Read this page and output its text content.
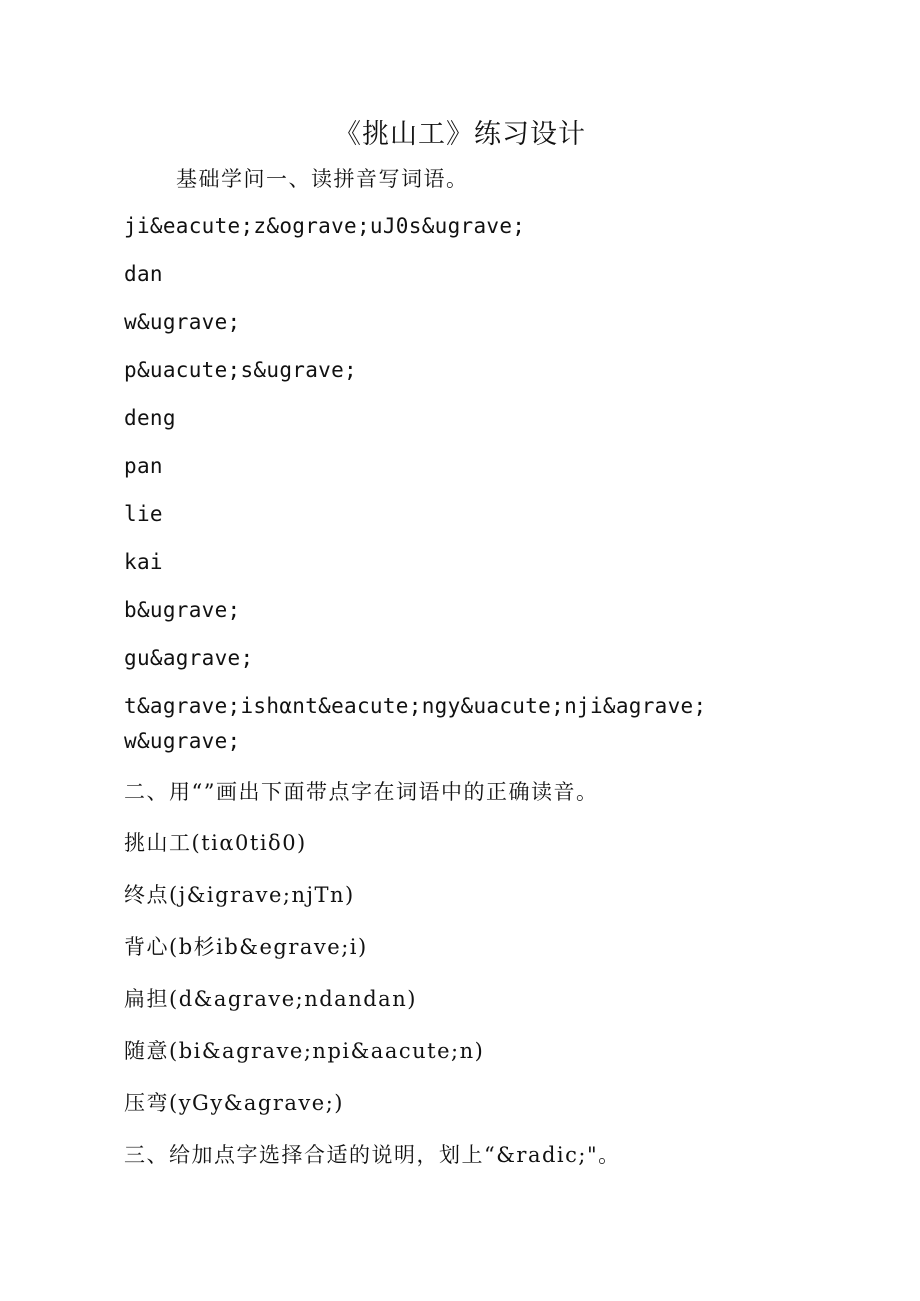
《挑山工》练习设计

基础学问一、读拼音写词语。

ji&eacute;z&ograve;uJ0s&ugrave;

dan

w&ugrave;

p&uacute;s&ugrave;

deng

pan

lie

kai

b&ugrave;

gu&agrave;

t&agrave;ishαnt&eacute;ngy&uacute;nji&agrave;

w&ugrave;

二、用“”画出下面带点字在词语中的正确读音。

挑山工(tiα0tiδ0)

终点(j&igrave;njTn)

背心(b杉ib&egrave;i)

扁担(d&agrave;ndandan)

随意(bi&agrave;npi&aacute;n)

压弯(yGy&agrave;)

三、给加点字选择合适的说明，划上“&radic;"。
